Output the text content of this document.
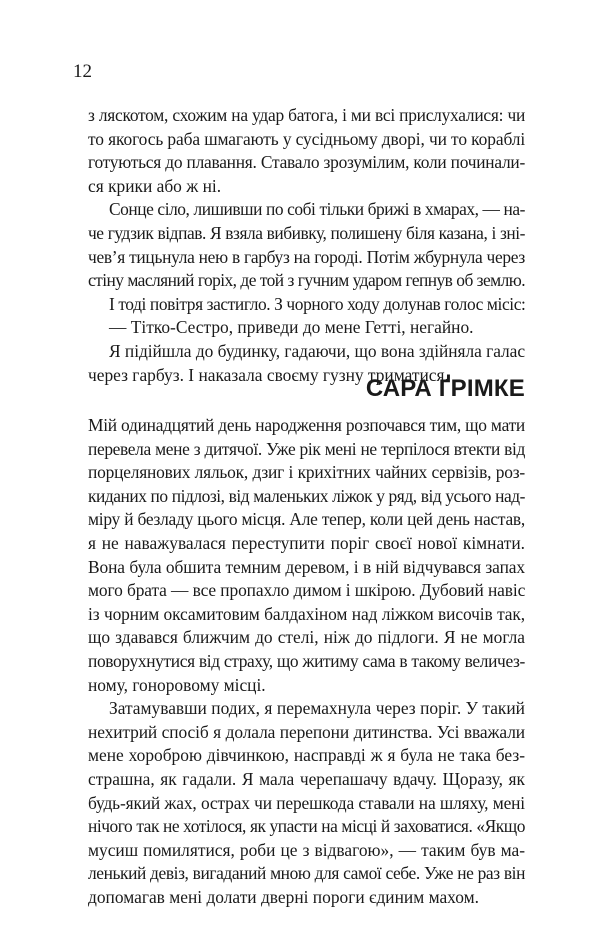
12
з ляскотом, схожим на удар батога, і ми всі прислухалися: чи
то якогось раба шмагають у сусідньому дворі, чи то кораблі
готуються до плавання. Ставало зрозумілим, коли починали-
ся крики або ж ні.
Сонце сіло, лишивши по собі тільки брижі в хмарах, — на-
че гудзик відпав. Я взяла вибивку, полишену біля казана, і зні-
чев’я тицьнула нею в гарбуз на городі. Потім жбурнула через
стіну масляний горіх, де той з гучним ударом гепнув об землю.
І тоді повітря застигло. З чорного ходу долунав голос місіс:
— Тітко-Сестро, приведи до мене Гетті, негайно.
Я підійшла до будинку, гадаючи, що вона здійняла галас
через гарбуз. І наказала своєму гузну триматися.
САРА ҐРІМКЕ
Мій одинадцятий день народження розпочався тим, що мати
перевела мене з дитячої. Уже рік мені не терпілося втекти від
порцелянових ляльок, дзиг і крихітних чайних сервізів, роз-
киданих по підлозі, від маленьких ліжок у ряд, від усього над-
міру й безладу цього місця. Але тепер, коли цей день настав,
я не наважувалася переступити поріг своєї нової кімнати.
Вона була обшита темним деревом, і в ній відчувався запах
мого брата — все пропахло димом і шкірою. Дубовий навіс
із чорним оксамитовим балдахіном над ліжком височів так,
що здавався ближчим до стелі, ніж до підлоги. Я не могла
поворухнутися від страху, що житиму сама в такому величез-
ному, гоноровому місці.
Затамувавши подих, я перемахнула через поріг. У такий
нехитрий спосіб я долала перепони дитинства. Усі вважали
мене хороброю дівчинкою, насправді ж я була не така без-
страшна, як гадали. Я мала черепашачу вдачу. Щоразу, як
будь-який жах, острах чи перешкода ставали на шляху, мені
нічого так не хотілося, як упасти на місці й заховатися. «Якщо
мусиш помилятися, роби це з відвагою», — таким був ма-
ленький девіз, вигаданий мною для самої себе. Уже не раз він
допомагав мені долати дверні пороги єдиним махом.
